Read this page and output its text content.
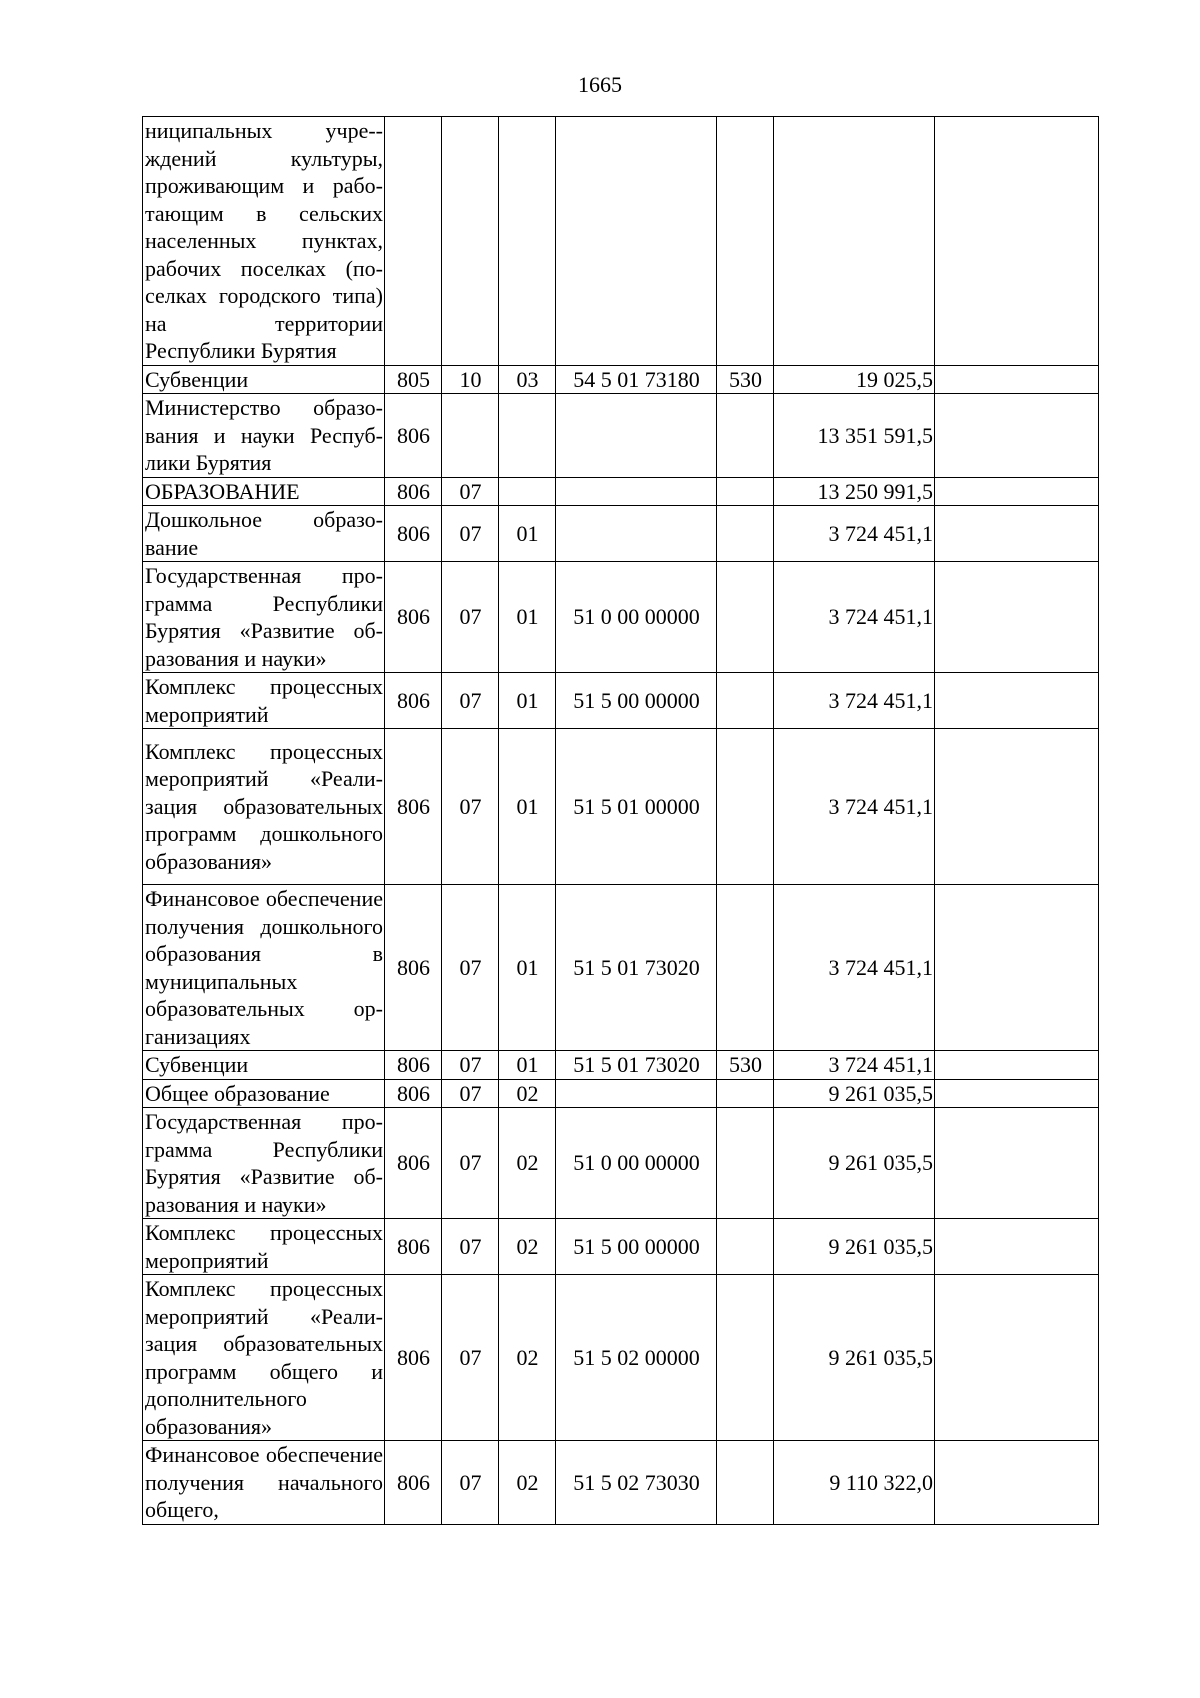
1665
ниципальных учре-ждений культуры, проживающим и работающим в сельских населенных пунктах, рабочих поселках (поселках городского типа) на территории Республики Бурятия							
Субвенции	805	10	03	54 5 01 73180	530	19 025,5	
Министерство образования и науки Республики Бурятия	806					13 351 591,5	
ОБРАЗОВАНИЕ	806	07				13 250 991,5	
Дошкольное образование	806	07	01			3 724 451,1	
Государственная программа Республики Бурятия «Развитие образования и науки»	806	07	01	51 0 00 00000		3 724 451,1	
Комплекс процессных мероприятий	806	07	01	51 5 00 00000		3 724 451,1	
Комплекс процессных мероприятий «Реализация образовательных программ дошкольного образования»	806	07	01	51 5 01 00000		3 724 451,1	
Финансовое обеспечение получения дошкольного образования в муниципальных образовательных организациях	806	07	01	51 5 01 73020		3 724 451,1	
Субвенции	806	07	01	51 5 01 73020	530	3 724 451,1	
Общее образование	806	07	02			9 261 035,5	
Государственная программа Республики Бурятия «Развитие образования и науки»	806	07	02	51 0 00 00000		9 261 035,5	
Комплекс процессных мероприятий	806	07	02	51 5 00 00000		9 261 035,5	
Комплекс процессных мероприятий «Реализация образовательных программ общего и дополнительного образования»	806	07	02	51 5 02 00000		9 261 035,5	
Финансовое обеспечение получения начального общего,	806	07	02	51 5 02 73030		9 110 322,0	
